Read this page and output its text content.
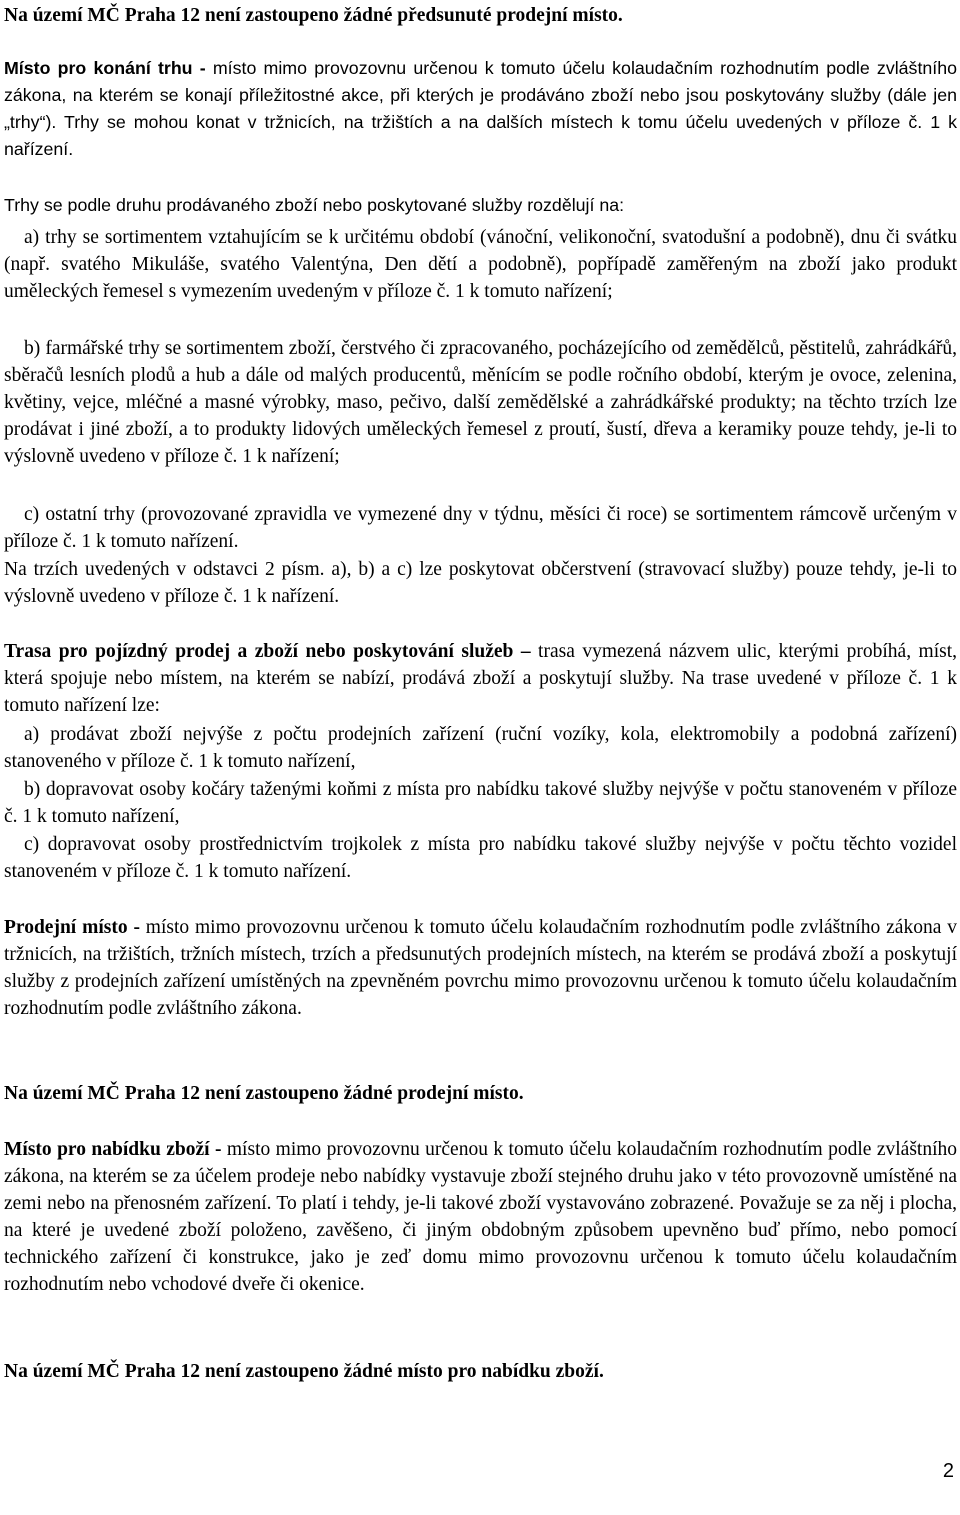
Na území MČ Praha 12 není zastoupeno žádné předsunuté prodejní místo.

Místo pro konání trhu - místo mimo provozovnu určenou k tomuto účelu kolaudačním rozhodnutím podle zvláštního zákona, na kterém se konají příležitostné akce, při kterých je prodáváno zboží nebo jsou poskytovány služby (dále jen „trhy“). Trhy se mohou konat v tržnicích, na tržištích a na dalších místech k tomu účelu uvedených v příloze č. 1 k nařízení.

Trhy se podle druhu prodávaného zboží nebo poskytované služby rozdělují na:

a) trhy se sortimentem vztahujícím se k určitému období (vánoční, velikonoční, svatodušní a podobně), dnu či svátku (např. svatého Mikuláše, svatého Valentýna, Den dětí a podobně), popřípadě zaměřeným na zboží jako produkt uměleckých řemesel s vymezením uvedeným v příloze č. 1 k tomuto nařízení;

b) farmářské trhy se sortimentem zboží, čerstvého či zpracovaného, pocházejícího od zemědělců, pěstitelů, zahrádkářů, sběračů lesních plodů a hub a dále od malých producentů, měnícím se podle ročního období, kterým je ovoce, zelenina, květiny, vejce, mléčné a masné výrobky, maso, pečivo, další zemědělské a zahrádkářské produkty; na těchto trzích lze prodávat i jiné zboží, a to produkty lidových uměleckých řemesel z proutí, šustí, dřeva a keramiky pouze tehdy, je-li to výslovně uvedeno v příloze č. 1 k nařízení;

c) ostatní trhy (provozované zpravidla ve vymezené dny v týdnu, měsíci či roce) se sortimentem rámcově určeným v příloze č. 1 k tomuto nařízení.

Na trzích uvedených v odstavci 2 písm. a), b) a c) lze poskytovat občerstvení (stravovací služby) pouze tehdy, je-li to výslovně uvedeno v příloze č. 1 k nařízení.

Trasa pro pojízdný prodej a zboží nebo poskytování služeb – trasa vymezená názvem ulic, kterými probíhá, míst, která spojuje nebo místem, na kterém se nabízí, prodává zboží a poskytují služby. Na trase uvedené v příloze č. 1 k tomuto nařízení lze:

a) prodávat zboží nejvýše z počtu prodejních zařízení (ruční vozíky, kola, elektromobily a podobná zařízení) stanoveného v příloze č. 1 k tomuto nařízení,

b) dopravovat osoby kočáry taženými koňmi z místa pro nabídku takové služby nejvýše v počtu stanoveném v příloze č. 1 k tomuto nařízení,

c) dopravovat osoby prostřednictvím trojkolek z místa pro nabídku takové služby nejvýše v počtu těchto vozidel stanoveném v příloze č. 1 k tomuto nařízení.

Prodejní místo - místo mimo provozovnu určenou k tomuto účelu kolaudačním rozhodnutím podle zvláštního zákona v tržnicích, na tržištích, tržních místech, trzích a předsunutých prodejních místech, na kterém se prodává zboží a poskytují služby z prodejních zařízení umístěných na zpevněném povrchu mimo provozovnu určenou k tomuto účelu kolaudačním rozhodnutím podle zvláštního zákona.

Na území MČ Praha 12 není zastoupeno žádné prodejní místo.

Místo pro nabídku zboží - místo mimo provozovnu určenou k tomuto účelu kolaudačním rozhodnutím podle zvláštního zákona, na kterém se za účelem prodeje nebo nabídky vystavuje zboží stejného druhu jako v této provozovně umístěné na zemi nebo na přenosném zařízení. To platí i tehdy, je-li takové zboží vystavováno zobrazené. Považuje se za něj i plocha, na které je uvedené zboží položeno, zavěšeno, či jiným obdobným způsobem upevněno buď přímo, nebo pomocí technického zařízení či konstrukce, jako je zeď domu mimo provozovnu určenou k tomuto účelu kolaudačním rozhodnutím nebo vchodové dveře či okenice.

Na území MČ Praha 12 není zastoupeno žádné místo pro nabídku zboží.

2
